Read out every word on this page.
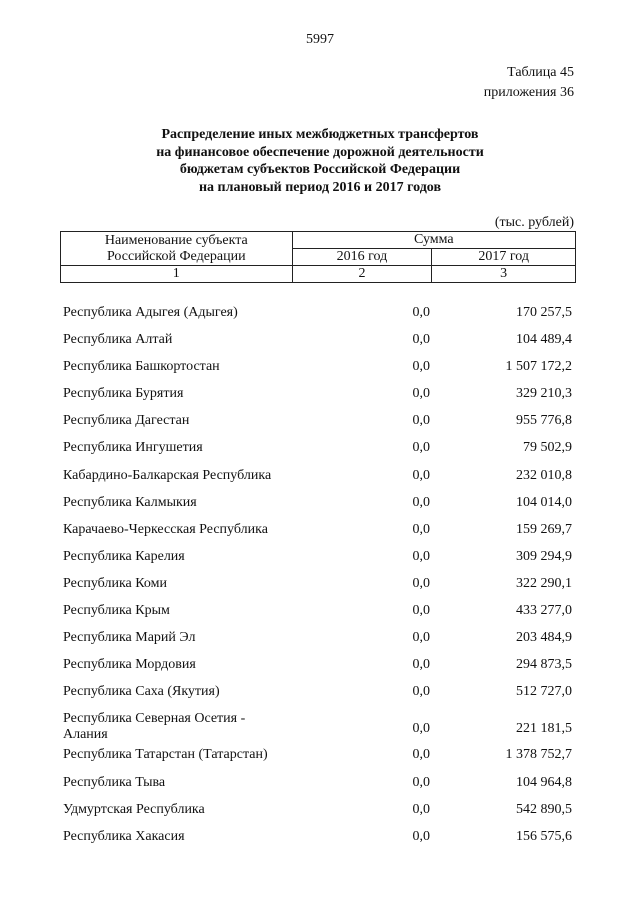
5997
Таблица 45
приложения 36
Распределение иных межбюджетных трансфертов
на финансовое обеспечение дорожной деятельности
бюджетам субъектов Российской Федерации
на плановый период 2016 и 2017 годов
(тыс. рублей)
Наименование субъекта
Российской Федерации	Сумма	
	2016 год	2017 год
1	2	3
Республика Адыгея (Адыгея)	0,0	170 257,5
Республика Алтай	0,0	104 489,4
Республика Башкортостан	0,0	1 507 172,2
Республика Бурятия	0,0	329 210,3
Республика Дагестан	0,0	955 776,8
Республика Ингушетия	0,0	79 502,9
Кабардино-Балкарская Республика	0,0	232 010,8
Республика Калмыкия	0,0	104 014,0
Карачаево-Черкесская Республика	0,0	159 269,7
Республика Карелия	0,0	309 294,9
Республика Коми	0,0	322 290,1
Республика Крым	0,0	433 277,0
Республика Марий Эл	0,0	203 484,9
Республика Мордовия	0,0	294 873,5
Республика Саха (Якутия)	0,0	512 727,0
Республика Северная Осетия - Алания	0,0	221 181,5
Республика Татарстан (Татарстан)	0,0	1 378 752,7
Республика Тыва	0,0	104 964,8
Удмуртская Республика	0,0	542 890,5
Республика Хакасия	0,0	156 575,6
